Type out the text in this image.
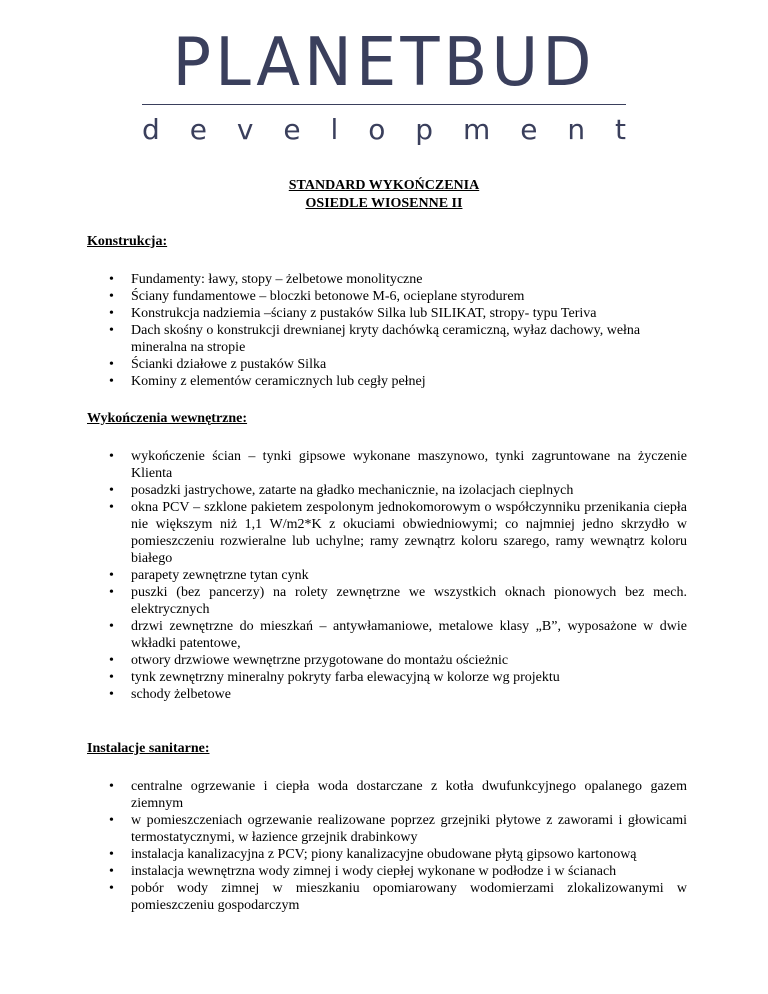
PLANETBUD
d e v e l o p m e n t
STANDARD WYKOŃCZENIA
OSIEDLE WIOSENNE II

Konstrukcja:

• Fundamenty: ławy, stopy – żelbetowe monolityczne
• Ściany fundamentowe – bloczki betonowe M-6, ocieplane styrodurem
• Konstrukcja nadziemia –ściany z pustaków Silka lub SILIKAT, stropy- typu Teriva
• Dach skośny o konstrukcji drewnianej kryty dachówką ceramiczną, wyłaz dachowy, wełna mineralna na stropie
• Ścianki działowe z pustaków Silka
• Kominy z elementów ceramicznych lub cegły pełnej

Wykończenia wewnętrzne:

• wykończenie ścian – tynki gipsowe wykonane maszynowo, tynki zagruntowane na życzenie Klienta
• posadzki jastrychowe, zatarte na gładko mechanicznie, na izolacjach cieplnych
• okna PCV – szklone pakietem zespolonym jednokomorowym o współczynniku przenikania ciepła nie większym niż 1,1 W/m2*K z okuciami obwiedniowymi; co najmniej jedno skrzydło w pomieszczeniu rozwieralne lub uchylne; ramy zewnątrz koloru szarego, ramy wewnątrz koloru białego
• parapety zewnętrzne tytan cynk
• puszki (bez pancerzy) na rolety zewnętrzne we wszystkich oknach pionowych bez mech. elektrycznych
• drzwi zewnętrzne do mieszkań – antywłamaniowe, metalowe klasy „B”, wyposażone w dwie wkładki patentowe,
• otwory drzwiowe wewnętrzne przygotowane do montażu ościeżnic
• tynk zewnętrzny mineralny pokryty farba elewacyjną w kolorze wg projektu
• schody żelbetowe

Instalacje sanitarne:

• centralne ogrzewanie i ciepła woda dostarczane z kotła dwufunkcyjnego opalanego gazem ziemnym
• w pomieszczeniach ogrzewanie realizowane poprzez grzejniki płytowe z zaworami i głowicami termostatycznymi, w łazience grzejnik drabinkowy
• instalacja kanalizacyjna z PCV; piony kanalizacyjne obudowane płytą gipsowo kartonową
• instalacja wewnętrzna wody zimnej i wody ciepłej wykonane w podłodze i w ścianach
• pobór wody zimnej w mieszkaniu opomiarowany wodomierzami zlokalizowanymi w pomieszczeniu gospodarczym
